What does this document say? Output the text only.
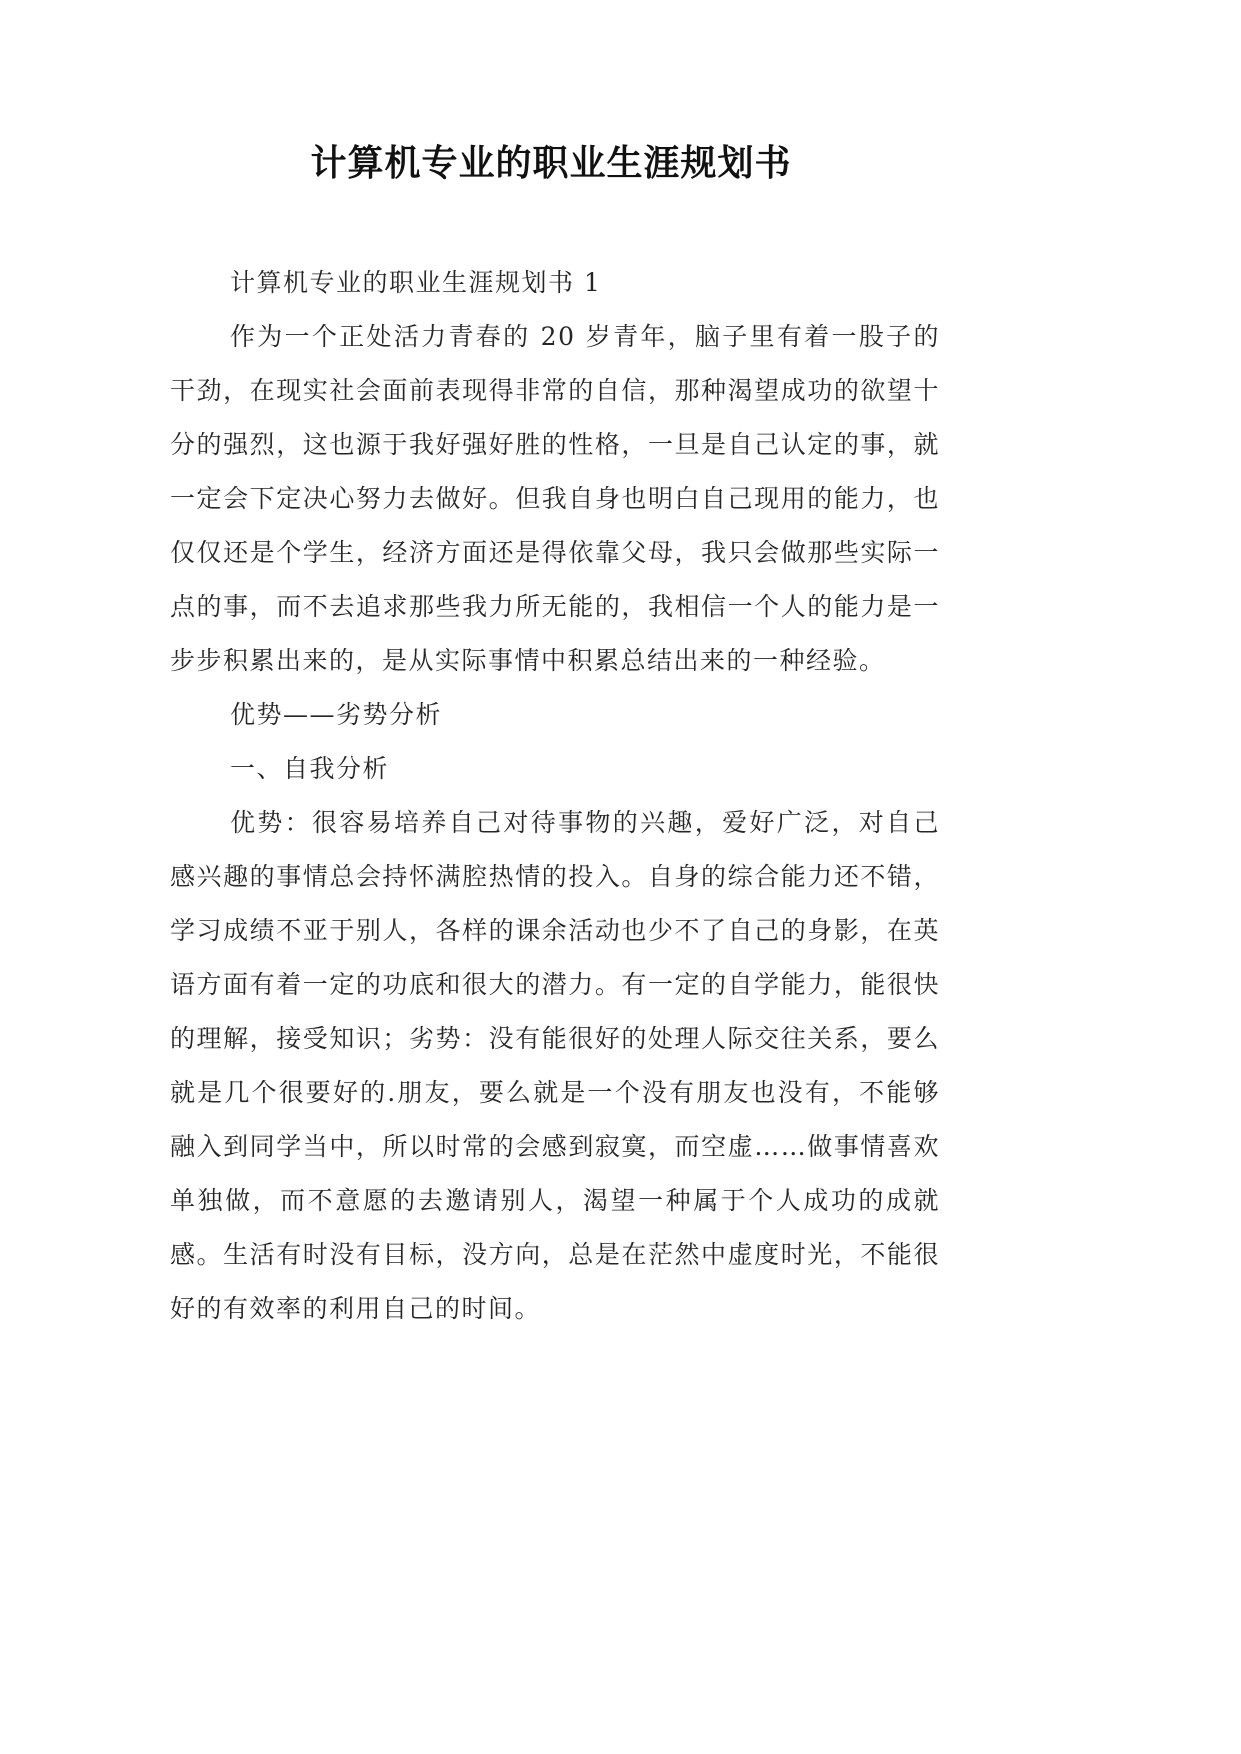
计算机专业的职业生涯规划书

计算机专业的职业生涯规划书 1

作为一个正处活力青春的 20 岁青年，脑子里有着一股子的干劲，在现实社会面前表现得非常的自信，那种渴望成功的欲望十分的强烈，这也源于我好强好胜的性格，一旦是自己认定的事，就一定会下定决心努力去做好。但我自身也明白自己现用的能力，也仅仅还是个学生，经济方面还是得依靠父母，我只会做那些实际一点的事，而不去追求那些我力所无能的，我相信一个人的能力是一步步积累出来的，是从实际事情中积累总结出来的一种经验。

优势——劣势分析

一、自我分析

优势：很容易培养自己对待事物的兴趣，爱好广泛，对自己感兴趣的事情总会持怀满腔热情的投入。自身的综合能力还不错，学习成绩不亚于别人，各样的课余活动也少不了自己的身影，在英语方面有着一定的功底和很大的潜力。有一定的自学能力，能很快的理解，接受知识；劣势：没有能很好的处理人际交往关系，要么就是几个很要好的.朋友，要么就是一个没有朋友也没有，不能够融入到同学当中，所以时常的会感到寂寞，而空虚……做事情喜欢单独做，而不意愿的去邀请别人，渴望一种属于个人成功的成就感。生活有时没有目标，没方向，总是在茫然中虚度时光，不能很好的有效率的利用自己的时间。
